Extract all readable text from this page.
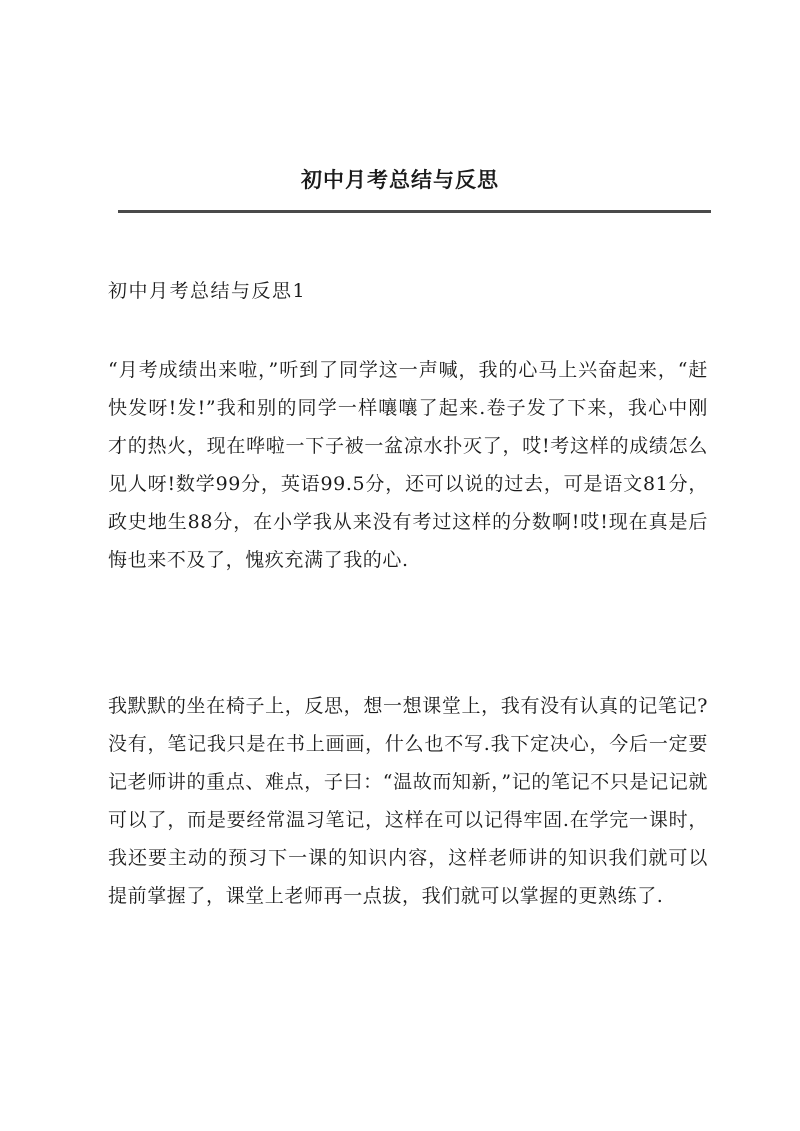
初中月考总结与反思
初中月考总结与反思1

“月考成绩出来啦，”听到了同学这一声喊，我的心马上兴奋起来，“赶快发呀!发!”我和别的同学一样嚷嚷了起来.卷子发了下来，我心中刚才的热火，现在哗啦一下子被一盆凉水扑灭了，哎!考这样的成绩怎么见人呀!数学99分，英语99.5分，还可以说的过去，可是语文81分，政史地生88分，在小学我从来没有考过这样的分数啊!哎!现在真是后悔也来不及了，愧疚充满了我的心.

我默默的坐在椅子上，反思，想一想课堂上，我有没有认真的记笔记?没有，笔记我只是在书上画画，什么也不写.我下定决心，今后一定要记老师讲的重点、难点，子曰：“温故而知新，”记的笔记不只是记记就可以了，而是要经常温习笔记，这样在可以记得牢固.在学完一课时，我还要主动的预习下一课的知识内容，这样老师讲的知识我们就可以提前掌握了，课堂上老师再一点拔，我们就可以掌握的更熟练了.
